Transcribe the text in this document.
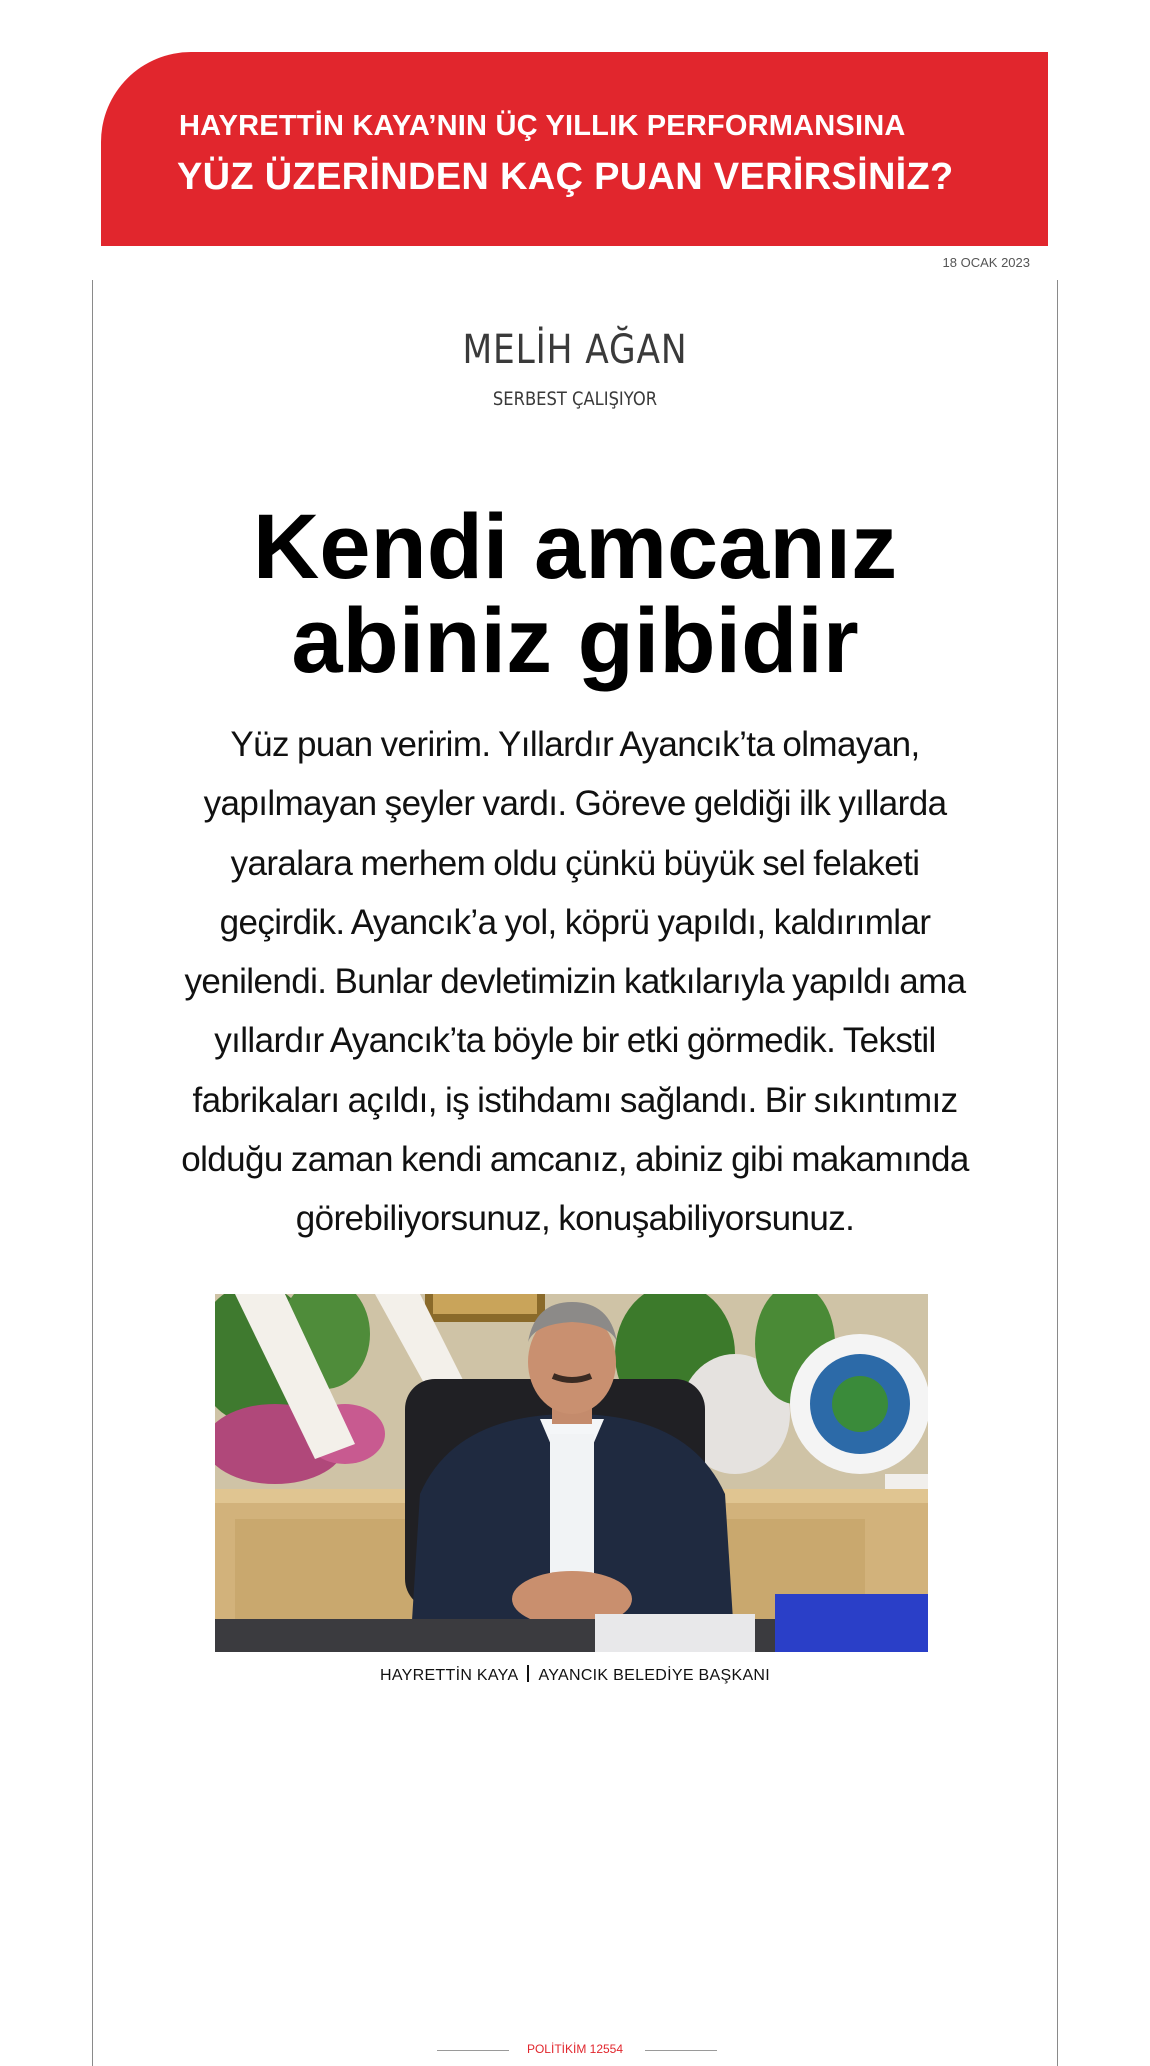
HAYRETTİN KAYA’NIN ÜÇ YILLIK PERFORMANSINA
YÜZ ÜZERİNDEN KAÇ PUAN VERİRSİNİZ?
18 OCAK 2023
MELİH AĞAN
SERBEST ÇALIŞIYOR
Kendi amcanız abiniz gibidir
Yüz puan veririm. Yıllardır Ayancık’ta olmayan, yapılmayan şeyler vardı. Göreve geldiği ilk yıllarda yaralara merhem oldu çünkü büyük sel felaketi geçirdik. Ayancık’a yol, köprü yapıldı, kaldırımlar yenilendi. Bunlar devletimizin katkılarıyla yapıldı ama yıllardır Ayancık’ta böyle bir etki görmedik. Tekstil fabrikaları açıldı, iş istihdamı sağlandı. Bir sıkıntımız olduğu zaman kendi amcanız, abiniz gibi makamında görebiliyorsunuz, konuşabiliyorsunuz.
HAYRETTİN KAYA AYANCIK BELEDİYE BAŞKANI
POLİTİKİM 12554
